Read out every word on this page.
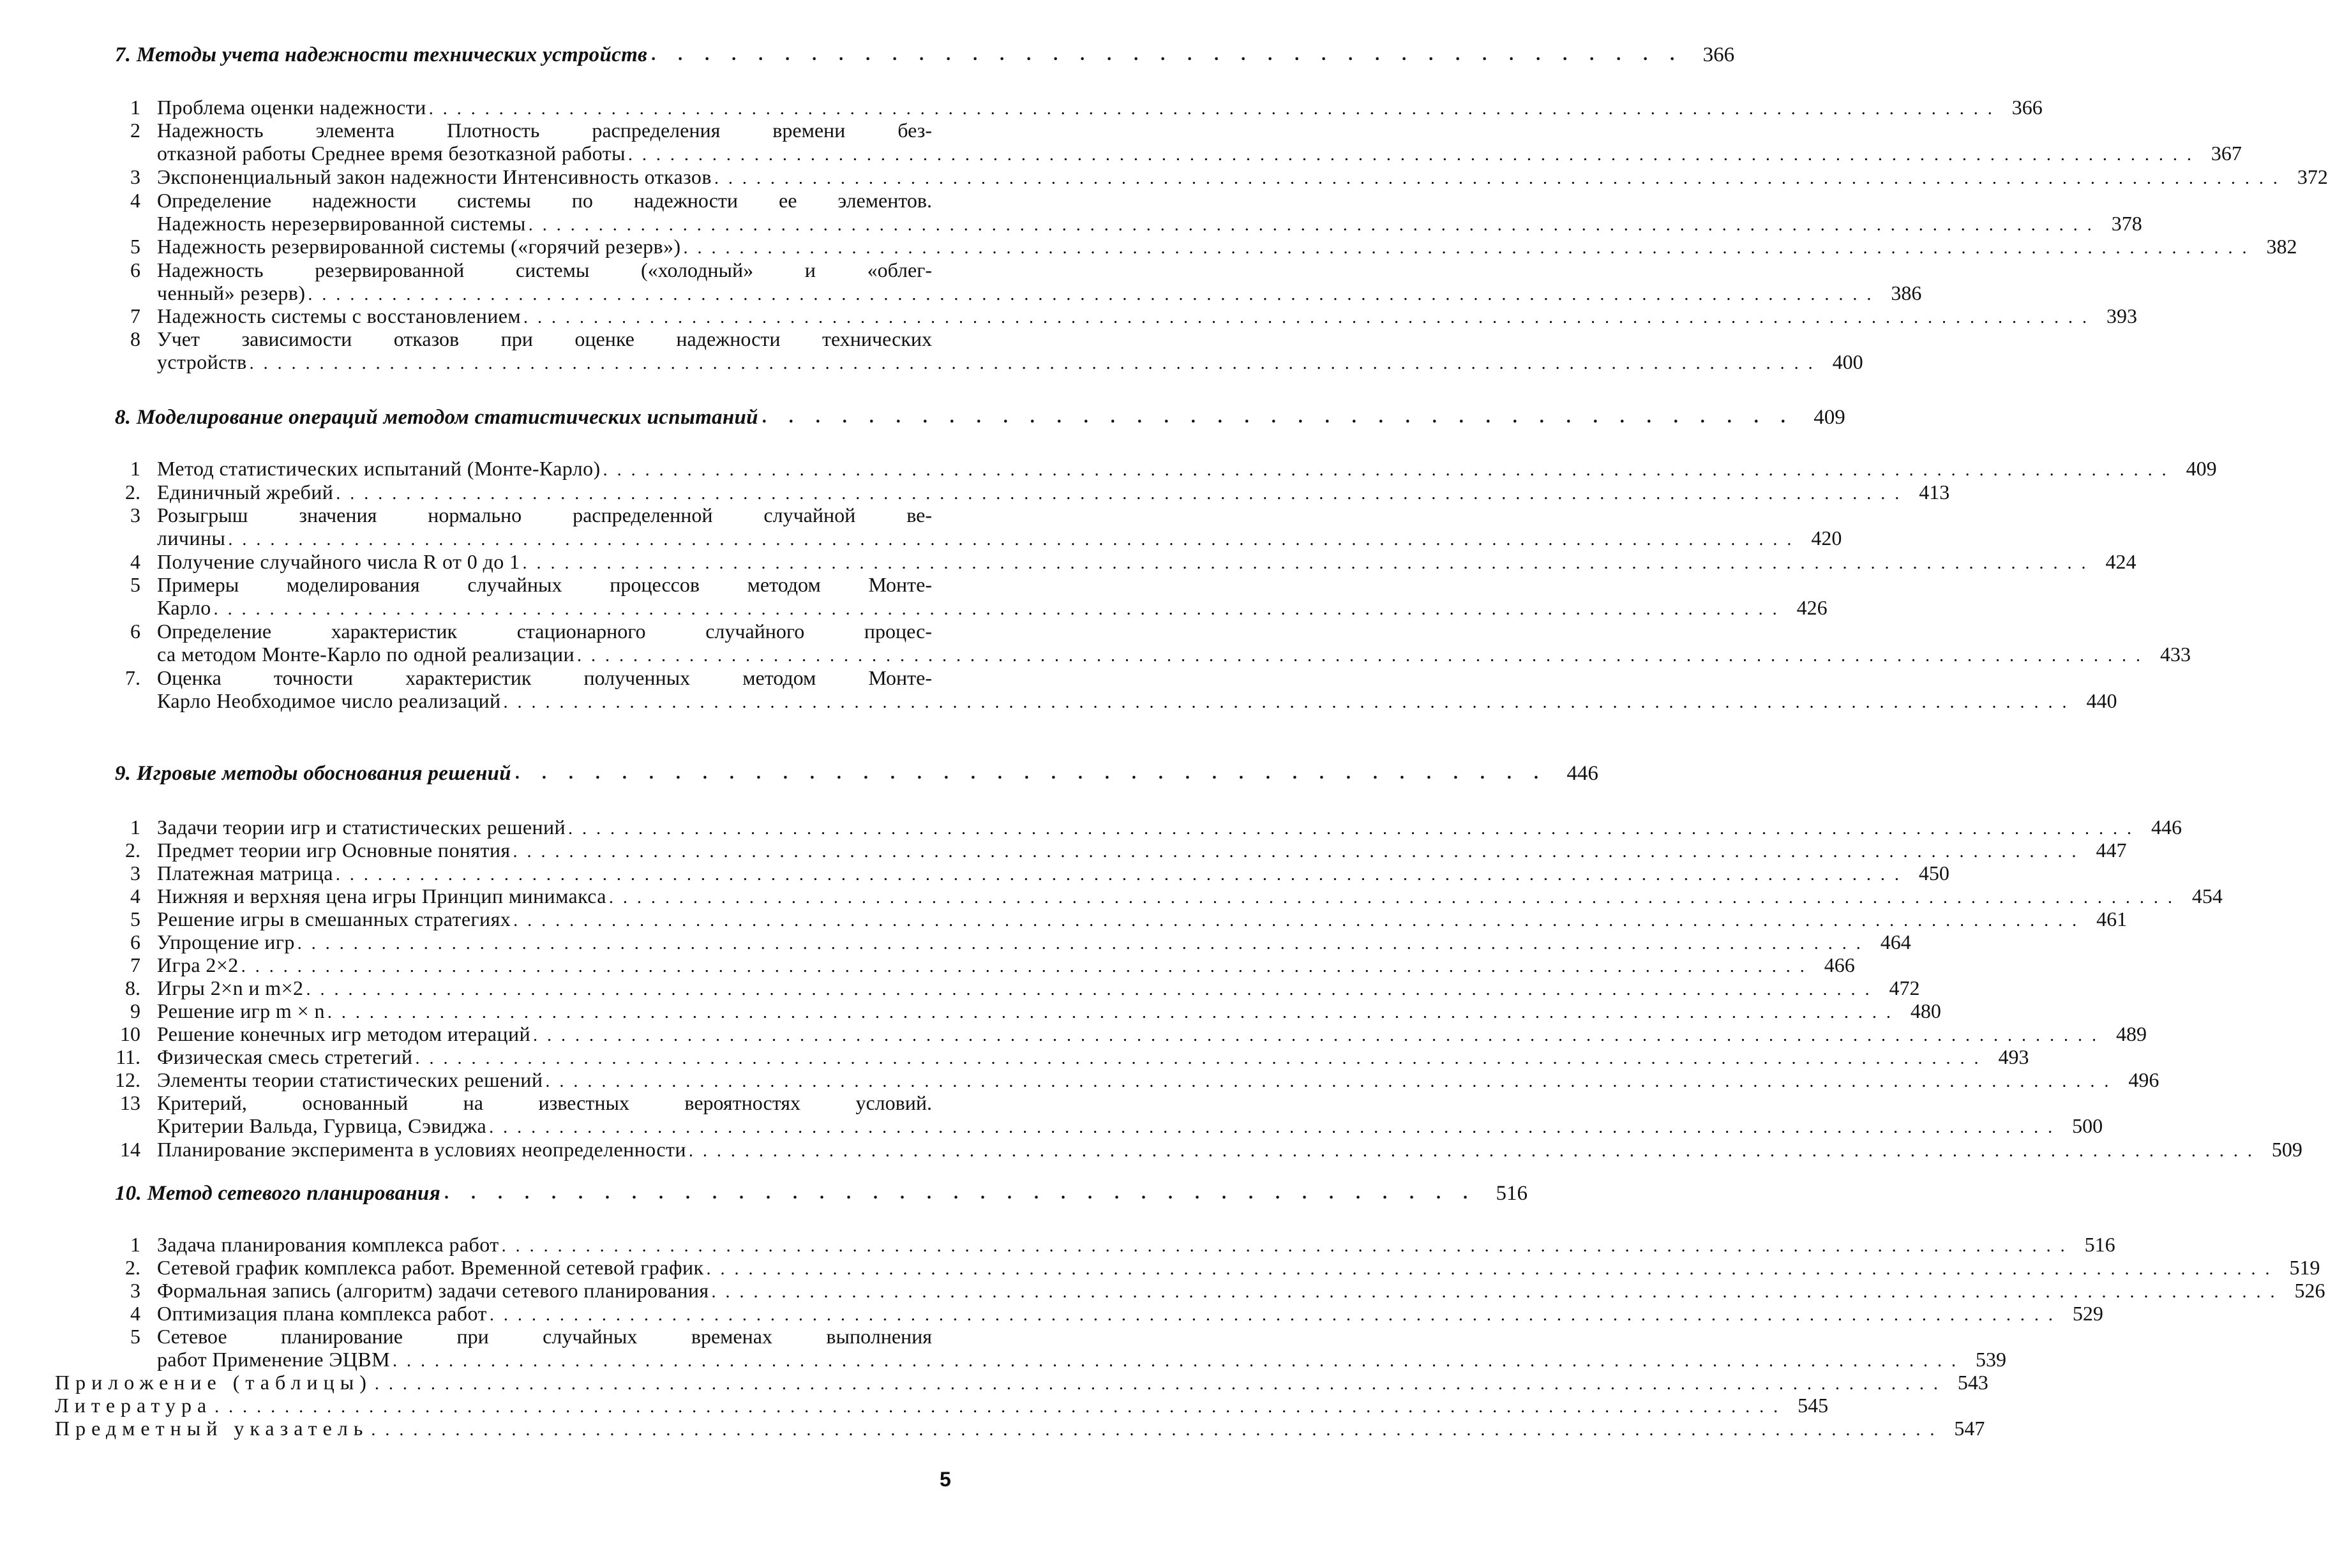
7. Методы учета надежности технических устройств . . . . . . . . . . . . . . . . . . . . . . . . . . . . . . . . . . . . . . . 366
1 Проблема оценки надежности ................................................................................................................ 366
2 Надежность элемента Плотность распределения времени без-
отказной работы Среднее время безотказной работы ................................................................................................................ 367
3 Экспоненциальный закон надежности Интенсивность отказов ................................................................................................................ 372
4 Определение надежности системы по надежности ее элементов.
Надежность нерезервированной системы ................................................................................................................ 378
5 Надежность резервированной системы («горячий резерв») ................................................................................................................ 382
6 Надежность резервированной системы («холодный» и «облег-
ченный» резерв) ................................................................................................................ 386
7 Надежность системы с восстановлением ................................................................................................................ 393
8 Учет зависимости отказов при оценке надежности технических
устройств ................................................................................................................ 400
8. Моделирование операций методом статистических испытаний . . . . . . . . . . . . . . . . . . . . . . . . . . . . . . . . . . . . . . . 409
1 Метод статистических испытаний (Монте-Карло) ................................................................................................................ 409
2. Единичный жребий ................................................................................................................ 413
3 Розыгрыш значения нормально распределенной случайной ве-
личины ................................................................................................................ 420
4 Получение случайного числа R от 0 до 1 ................................................................................................................ 424
5 Примеры моделирования случайных процессов методом Монте-
Карло ................................................................................................................ 426
6 Определение характеристик стационарного случайного процес-
са методом Монте-Карло по одной реализации ................................................................................................................ 433
7. Оценка точности характеристик полученных методом Монте-
Карло Необходимое число реализаций ................................................................................................................ 440
9. Игровые методы обоснования решений . . . . . . . . . . . . . . . . . . . . . . . . . . . . . . . . . . . . . . . 446
1 Задачи теории игр и статистических решений ................................................................................................................ 446
2. Предмет теории игр Основные понятия ................................................................................................................ 447
3 Платежная матрица ................................................................................................................ 450
4 Нижняя и верхняя цена игры Принцип минимакса ................................................................................................................ 454
5 Решение игры в смешанных стратегиях ................................................................................................................ 461
6 Упрощение игр ................................................................................................................ 464
7 Игра 2×2 ................................................................................................................ 466
8. Игры 2×n и m×2 ................................................................................................................ 472
9 Решение игр m × n ................................................................................................................ 480
10 Решение конечных игр методом итераций ................................................................................................................ 489
11. Физическая смесь стретегий ................................................................................................................ 493
12. Элементы теории статистических решений ................................................................................................................ 496
13 Критерий, основанный на известных вероятностях условий.
Критерии Вальда, Гурвица, Сэвиджа ................................................................................................................ 500
14 Планирование эксперимента в условиях неопределенности ................................................................................................................ 509
10. Метод сетевого планирования . . . . . . . . . . . . . . . . . . . . . . . . . . . . . . . . . . . . . . . 516
1 Задача планирования комплекса работ ................................................................................................................ 516
2. Сетевой график комплекса работ. Временной сетевой график ................................................................................................................ 519
3 Формальная запись (алгоритм) задачи сетевого планирования ................................................................................................................ 526
4 Оптимизация плана комплекса работ ................................................................................................................ 529
5 Сетевое планирование при случайных временах выполнения
работ Применение ЭЦВМ ................................................................................................................ 539
Приложение (таблицы) ................................................................................................................ 543
Литература ................................................................................................................ 545
Предметный указатель ................................................................................................................ 547
5
